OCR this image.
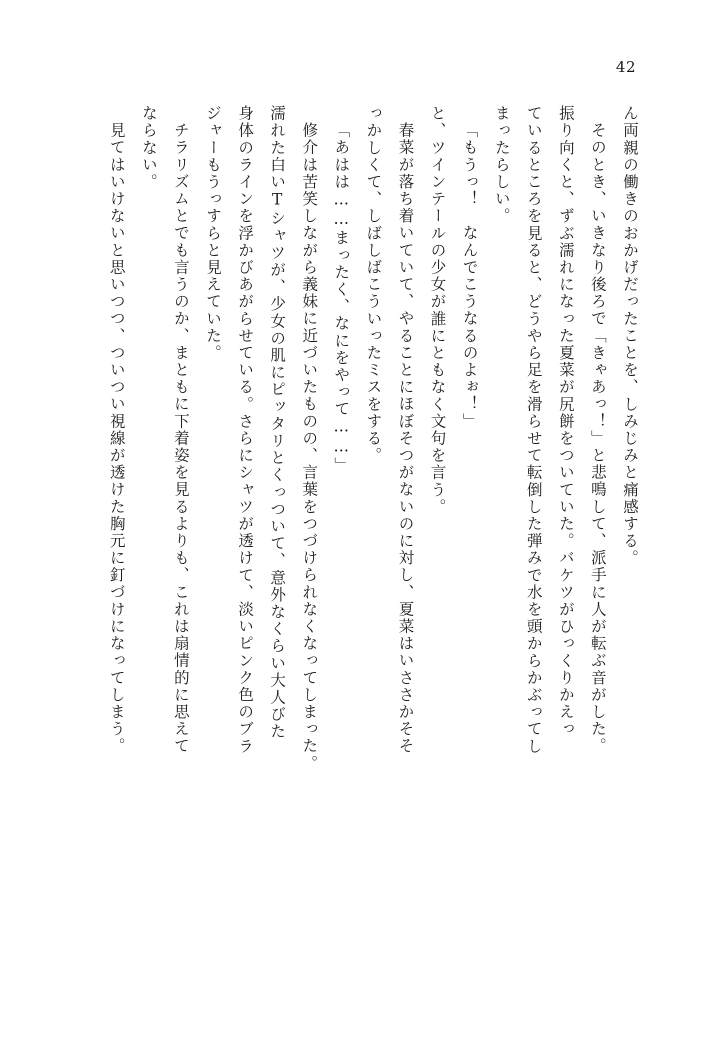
42
ん両親の働きのおかげだったことを、しみじみと痛感する。
そのとき、いきなり後ろで「きゃあっ！」と悲鳴して、派手に人が転ぶ音がした。
振り向くと、ずぶ濡れになった夏菜が尻餅をついていた。バケツがひっくりかえっ
ているところを見ると、どうやら足を滑らせて転倒した弾みで水を頭からかぶってし
まったらしい。
「もうっ！　なんでこうなるのよぉ！」
と、ツインテールの少女が誰にともなく文句を言う。
春菜が落ち着いていて、やることにほぼそつがないのに対し、夏菜はいささかそそ
っかしくて、しばしばこういったミスをする。
「あはは……まったく、なにをやって……」
修介は苦笑しながら義妹に近づいたものの、言葉をつづけられなくなってしまった。
濡れた白いTシャツが、少女の肌にピッタリとくっついて、意外なくらい大人びた
身体のラインを浮かびあがらせている。さらにシャツが透けて、淡いピンク色のブラ
ジャーもうっすらと見えていた。
チラリズムとでも言うのか、まともに下着姿を見るよりも、これは扇情的に思えて
ならない。
見てはいけないと思いつつ、ついつい視線が透けた胸元に釘づけになってしまう。
